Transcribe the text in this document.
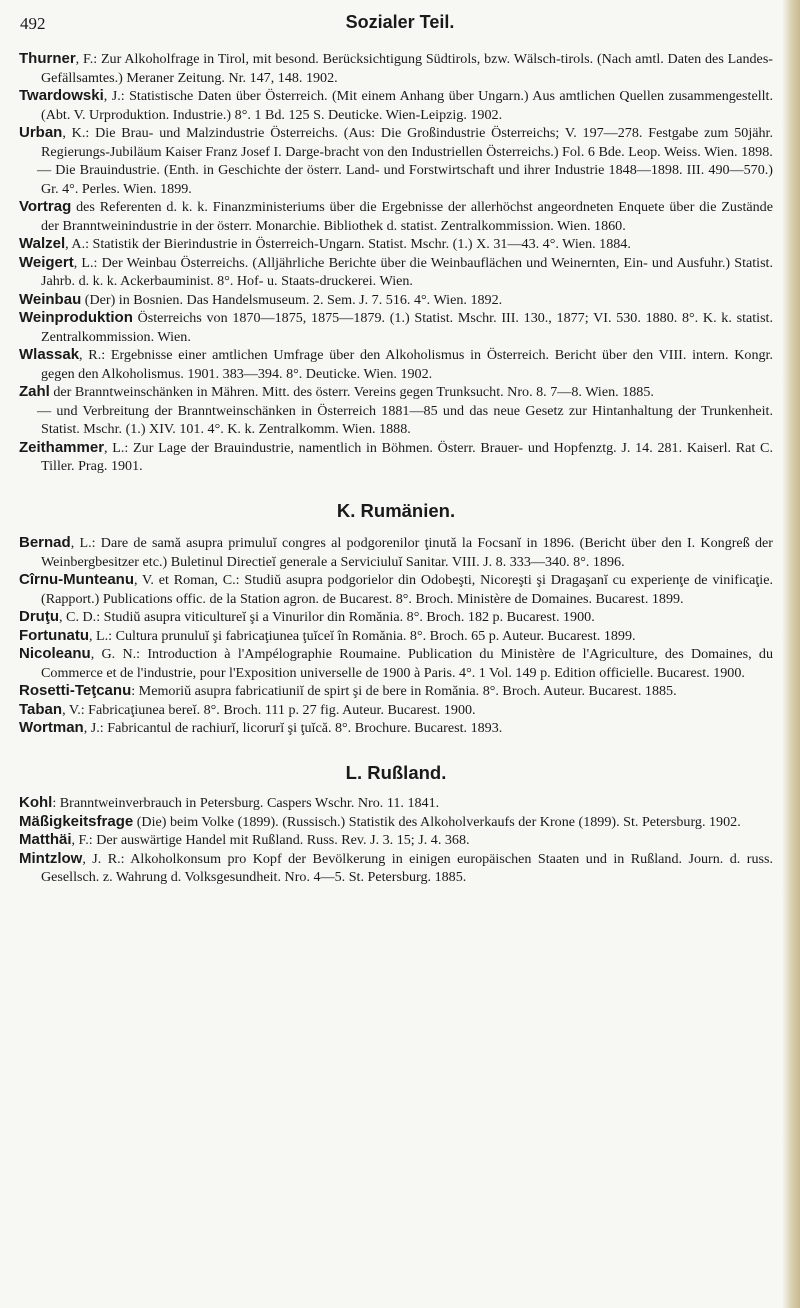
492	Sozialer Teil.

Thurner, F.: Zur Alkoholfrage in Tirol, mit besond. Berücksichtigung Südtirols, bzw. Wälsch-tirols. (Nach amtl. Daten des Landes-Gefällsamtes.) Meraner Zeitung. Nr. 147, 148. 1902.

Twardowski, J.: Statistische Daten über Österreich. (Mit einem Anhang über Ungarn.) Aus amtlichen Quellen zusammengestellt. (Abt. V. Urproduktion. Industrie.) 8°. 1 Bd. 125 S. Deuticke. Wien-Leipzig. 1902.

Urban, K.: Die Brau- und Malzindustrie Österreichs. (Aus: Die Großindustrie Österreichs; V. 197—278. Festgabe zum 50jähr. Regierungs-Jubiläum Kaiser Franz Josef I. Darge-bracht von den Industriellen Österreichs.) Fol. 6 Bde. Leop. Weiss. Wien. 1898.

— Die Brauindustrie. (Enth. in Geschichte der österr. Land- und Forstwirtschaft und ihrer Industrie 1848—1898. III. 490—570.) Gr. 4°. Perles. Wien. 1899.

Vortrag des Referenten d. k. k. Finanzministeriums über die Ergebnisse der allerhöchst angeordneten Enquete über die Zustände der Branntweinindustrie in der österr. Monarchie. Bibliothek d. statist. Zentralkommission. Wien. 1860.

Walzel, A.: Statistik der Bierindustrie in Österreich-Ungarn. Statist. Mschr. (1.) X. 31—43. 4°. Wien. 1884.

Weigert, L.: Der Weinbau Österreichs. (Alljährliche Berichte über die Weinbauflächen und Weinernten, Ein- und Ausfuhr.) Statist. Jahrb. d. k. k. Ackerbauminist. 8°. Hof- u. Staats-druckerei. Wien.

Weinbau (Der) in Bosnien. Das Handelsmuseum. 2. Sem. J. 7. 516. 4°. Wien. 1892.

Weinproduktion Österreichs von 1870—1875, 1875—1879. (1.) Statist. Mschr. III. 130., 1877; VI. 530. 1880. 8°. K. k. statist. Zentralkommission. Wien.

Wlassak, R.: Ergebnisse einer amtlichen Umfrage über den Alkoholismus in Österreich. Bericht über den VIII. intern. Kongr. gegen den Alkoholismus. 1901. 383—394. 8°. Deuticke. Wien. 1902.

Zahl der Branntweinschänken in Mähren. Mitt. des österr. Vereins gegen Trunksucht. Nro. 8. 7—8. Wien. 1885.

— und Verbreitung der Branntweinschänken in Österreich 1881—85 und das neue Gesetz zur Hintanhaltung der Trunkenheit. Statist. Mschr. (1.) XIV. 101. 4°. K. k. Zentralkomm. Wien. 1888.

Zeithammer, L.: Zur Lage der Brauindustrie, namentlich in Böhmen. Österr. Brauer- und Hopfenztg. J. 14. 281. Kaiserl. Rat C. Tiller. Prag. 1901.

K. Rumänien.

Bernad, L.: Dare de samă asupra primuluĭ congres al podgorenilor ţinută la Focsanĭ in 1896. (Bericht über den I. Kongreß der Weinbergbesitzer etc.) Buletinul Directieĭ generale a Serviciuluĭ Sanitar. VIII. J. 8. 333—340. 8°. 1896.

Cîrnu-Munteanu, V. et Roman, C.: Studiŭ asupra podgorielor din Odobeşti, Nicoreşti şi Dragaşanĭ cu experienţe de vinificaţie. (Rapport.) Publications offic. de la Station agron. de Bucarest. 8°. Broch. Ministère de Domaines. Bucarest. 1899.

Druţu, C. D.: Studiŭ asupra viticultureĭ şi a Vinurilor din Romănia. 8°. Broch. 182 p. Bucarest. 1900.

Fortunatu, L.: Cultura prunuluĭ şi fabricaţiunea ţuĭceĭ în Romănia. 8°. Broch. 65 p. Auteur. Bucarest. 1899.

Nicoleanu, G. N.: Introduction à l'Ampélographie Roumaine. Publication du Ministère de l'Agriculture, des Domaines, du Commerce et de l'industrie, pour l'Exposition universelle de 1900 à Paris. 4°. 1 Vol. 149 p. Edition officielle. Bucarest. 1900.

Rosetti-Teţcanu: Memoriŭ asupra fabricatiuniĭ de spirt şi de bere in Romănia. 8°. Broch. Auteur. Bucarest. 1885.

Taban, V.: Fabricaţiunea bereĭ. 8°. Broch. 111 p. 27 fig. Auteur. Bucarest. 1900.

Wortman, J.: Fabricantul de rachiurĭ, licorurĭ şi ţuĭcă. 8°. Brochure. Bucarest. 1893.

L. Rußland.

Kohl: Branntweinverbrauch in Petersburg. Caspers Wschr. Nro. 11. 1841.

Mäßigkeitsfrage (Die) beim Volke (1899). (Russisch.) Statistik des Alkoholverkaufs der Krone (1899). St. Petersburg. 1902.

Matthäi, F.: Der auswärtige Handel mit Rußland. Russ. Rev. J. 3. 15; J. 4. 368.

Mintzlow, J. R.: Alkoholkonsum pro Kopf der Bevölkerung in einigen europäischen Staaten und in Rußland. Journ. d. russ. Gesellsch. z. Wahrung d. Volksgesundheit. Nro. 4—5. St. Petersburg. 1885.
